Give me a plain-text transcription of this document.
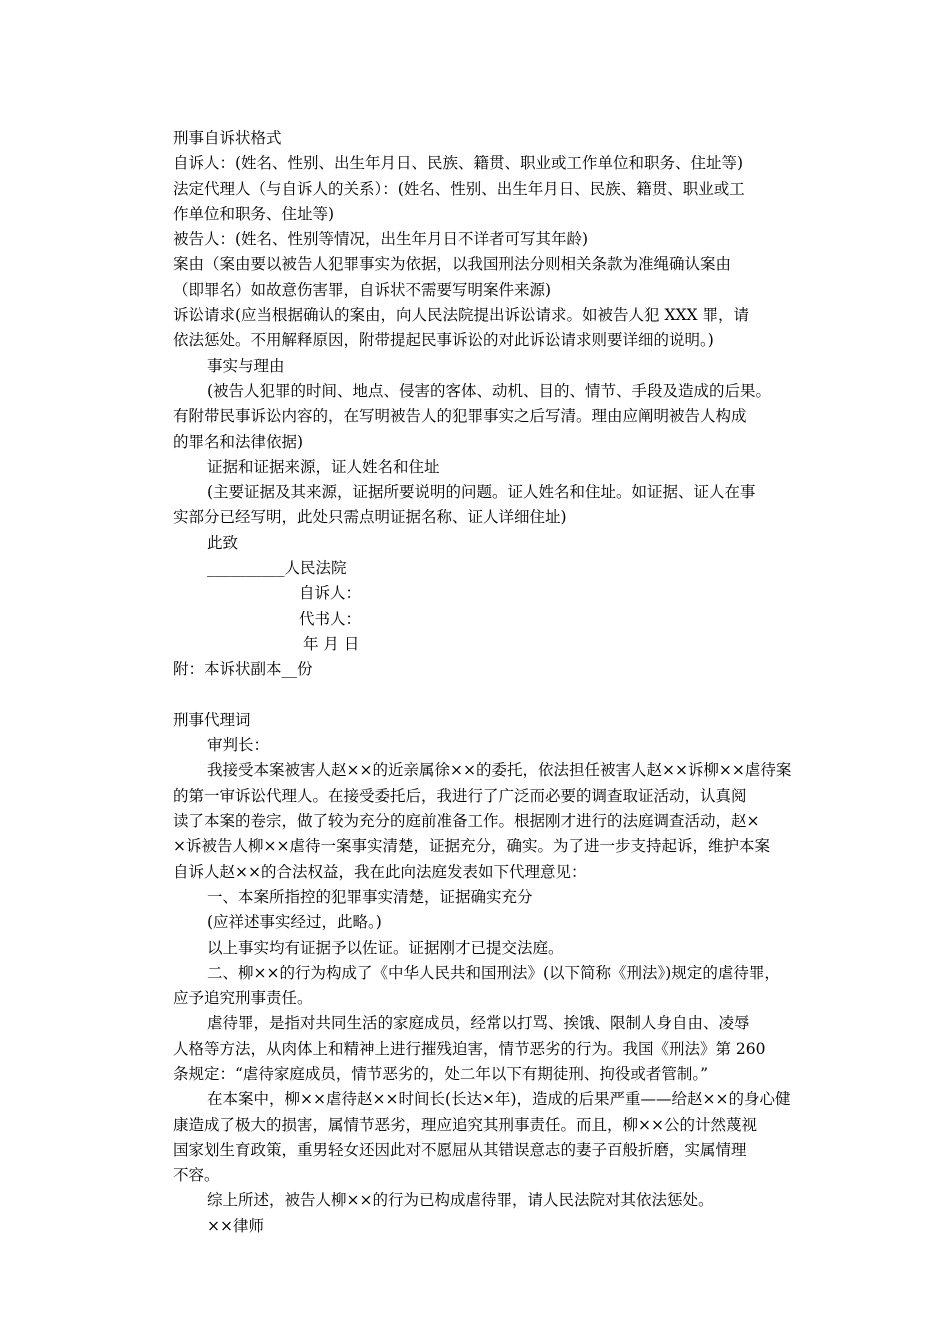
刑事自诉状格式
自诉人：(姓名、性别、出生年月日、民族、籍贯、职业或工作单位和职务、住址等)
法定代理人（与自诉人的关系）：(姓名、性别、出生年月日、民族、籍贯、职业或工
作单位和职务、住址等)
被告人：(姓名、性别等情况，出生年月日不详者可写其年龄)
案由（案由要以被告人犯罪事实为依据，以我国刑法分则相关条款为准绳确认案由
（即罪名）如故意伤害罪，自诉状不需要写明案件来源)
诉讼请求(应当根据确认的案由，向人民法院提出诉讼请求。如被告人犯 XXX 罪，请
依法惩处。不用解释原因，附带提起民事诉讼的对此诉讼请求则要详细的说明。)
事实与理由
(被告人犯罪的时间、地点、侵害的客体、动机、目的、情节、手段及造成的后果。
有附带民事诉讼内容的，在写明被告人的犯罪事实之后写清。理由应阐明被告人构成
的罪名和法律依据)
证据和证据来源，证人姓名和住址
(主要证据及其来源，证据所要说明的问题。证人姓名和住址。如证据、证人在事
实部分已经写明，此处只需点明证据名称、证人详细住址)
此致
__________人民法院
自诉人：
代书人：
年 月 日
附：本诉状副本__份
刑事代理词
审判长：
我接受本案被害人赵××的近亲属徐××的委托，依法担任被害人赵××诉柳××虐待案
的第一审诉讼代理人。在接受委托后，我进行了广泛而必要的调查取证活动，认真阅
读了本案的卷宗，做了较为充分的庭前准备工作。根据刚才进行的法庭调查活动，赵×
×诉被告人柳××虐待一案事实清楚，证据充分，确实。为了进一步支持起诉，维护本案
自诉人赵××的合法权益，我在此向法庭发表如下代理意见：
一、本案所指控的犯罪事实清楚，证据确实充分
(应祥述事实经过，此略。)
以上事实均有证据予以佐证。证据刚才已提交法庭。
二、柳××的行为构成了《中华人民共和国刑法》(以下简称《刑法》)规定的虐待罪，
应予追究刑事责任。
虐待罪，是指对共同生活的家庭成员，经常以打骂、挨饿、限制人身自由、凌辱
人格等方法，从肉体上和精神上进行摧残迫害，情节恶劣的行为。我国《刑法》第 260
条规定：“虐待家庭成员，情节恶劣的，处二年以下有期徒刑、拘役或者管制。”
在本案中，柳××虐待赵××时间长(长达×年)，造成的后果严重——给赵××的身心健
康造成了极大的损害，属情节恶劣，理应追究其刑事责任。而且，柳××公的计然蔑视
国家划生育政策，重男轻女还因此对不愿屈从其错误意志的妻子百般折磨，实属情理
不容。
综上所述，被告人柳××的行为已构成虐待罪，请人民法院对其依法惩处。
××律师
